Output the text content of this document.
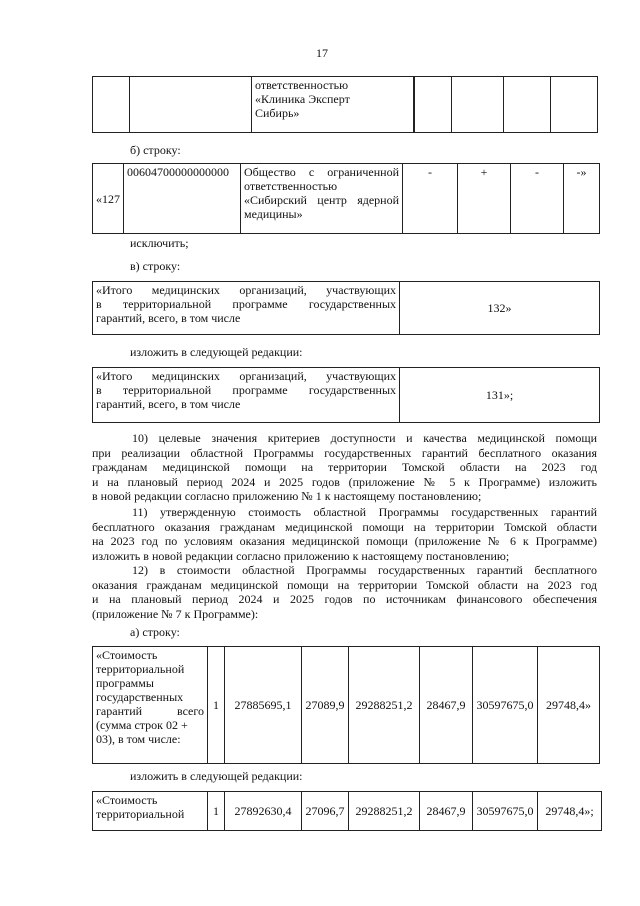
17

ответственностью
«Клиника Эксперт
Сибирь»

б) строку:
«127	00604700000000000	Общество с ограниченной
ответственностью
«Сибирский центр ядерной
медицины»
	-	+	-	-»
исключить;
в) строку:
«Итого медицинских организаций, участвующих
в территориальной программе государственных
гарантий, всего, в том числе
	132»
изложить в следующей редакции:
«Итого медицинских организаций, участвующих
в территориальной программе государственных
гарантий, всего, в том числе
	131»;
10) целевые значения критериев доступности и качества медицинской помощи
при реализации областной Программы государственных гарантий бесплатного оказания
гражданам медицинской помощи на территории Томской области на 2023 год
и на плановый период 2024 и 2025 годов (приложение № 5 к Программе) изложить
в новой редакции согласно приложению № 1 к настоящему постановлению;
11) утвержденную стоимость областной Программы государственных гарантий
бесплатного оказания гражданам медицинской помощи на территории Томской области
на 2023 год по условиям оказания медицинской помощи (приложение № 6 к Программе)
изложить в новой редакции согласно приложению к настоящему постановлению;
12) в стоимости областной Программы государственных гарантий бесплатного
оказания гражданам медицинской помощи на территории Томской области на 2023 год
и на плановый период 2024 и 2025 годов по источникам финансового обеспечения
(приложение № 7 к Программе):
а) строку:
«Стоимость
территориальной
программы
государственных
гарантий всего
(сумма строк 02 +
03), в том числе:
	1	27885695,1	27089,9	29288251,2	28467,9	30597675,0	29748,4»
изложить в следующей редакции:
«Стоимость
территориальной	1	27892630,4	27096,7	29288251,2	28467,9	30597675,0	29748,4»;
